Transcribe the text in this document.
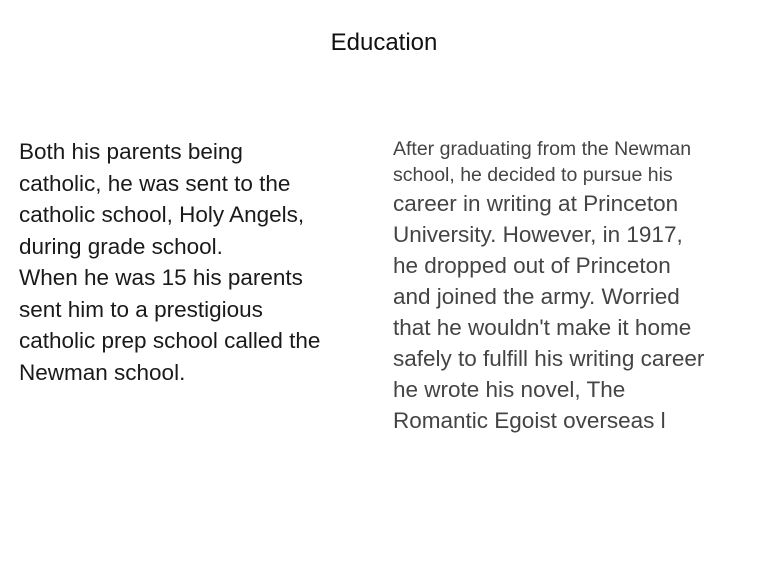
Education
Both his parents being
catholic, he was sent to the
catholic school, Holy Angels,
during grade school.
When he was 15 his parents
sent him to a prestigious
catholic prep school called the
Newman school.
After graduating from the Newman
school, he decided to pursue his
career in writing at Princeton
University. However, in 1917,
he dropped out of Princeton
and joined the army. Worried
that he wouldn't make it home
safely to fulfill his writing career
he wrote his novel, The
Romantic Egoist overseas l
